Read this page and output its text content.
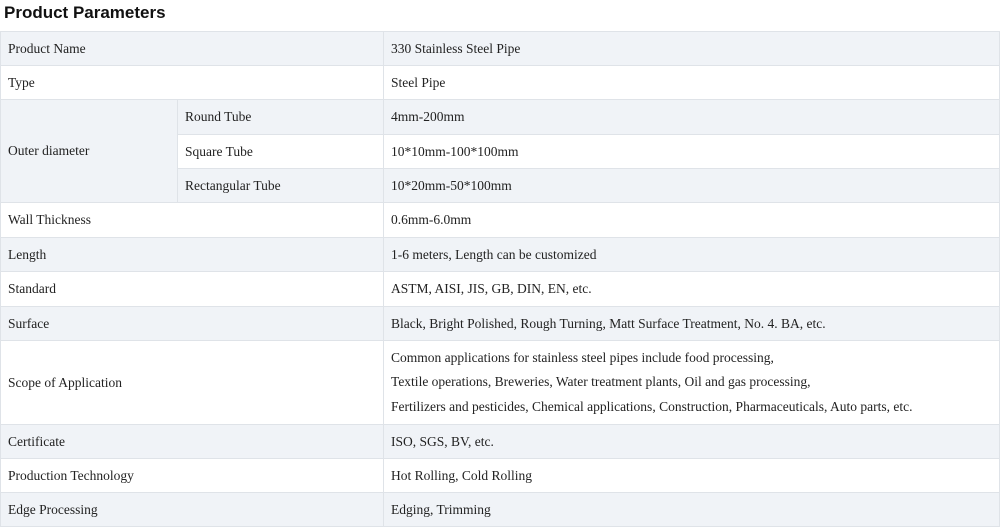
Product Parameters
Product Name		330 Stainless Steel Pipe
Type		Steel Pipe
Outer diameter	Round Tube	4mm-200mm
	Square Tube	10*10mm-100*100mm
	Rectangular Tube	10*20mm-50*100mm
Wall Thickness		0.6mm-6.0mm
Length		1-6 meters, Length can be customized
Standard		ASTM, AISI, JIS, GB, DIN, EN, etc.
Surface		Black, Bright Polished, Rough Turning, Matt Surface Treatment, No. 4. BA, etc.
Scope of Application		Common applications for stainless steel pipes include food processing,
Textile operations, Breweries, Water treatment plants, Oil and gas processing,
Fertilizers and pesticides, Chemical applications, Construction, Pharmaceuticals, Auto parts, etc.

Certificate		ISO, SGS, BV, etc.
Production Technology		Hot Rolling, Cold Rolling
Edge Processing		Edging, Trimming
